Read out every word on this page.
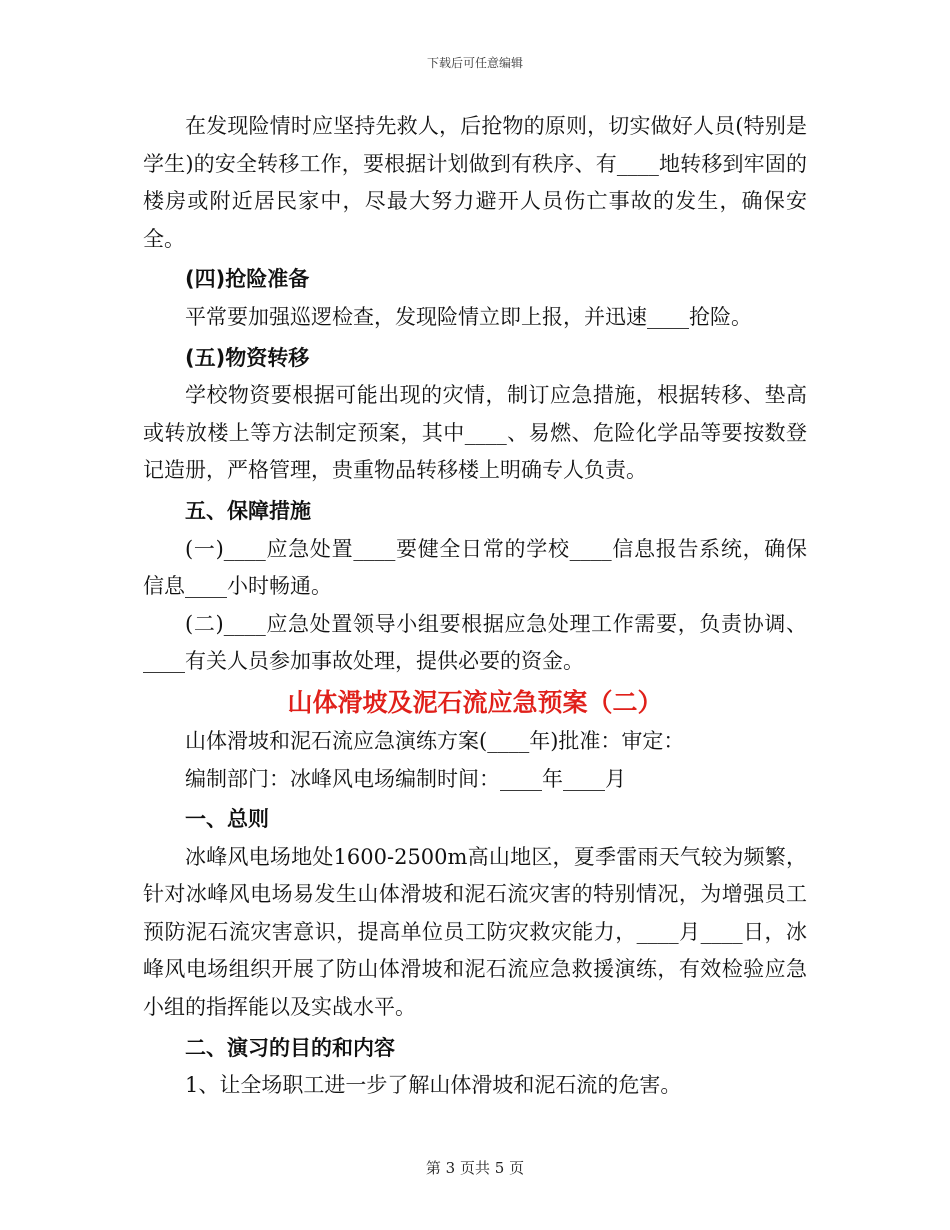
下载后可任意编辑

在发现险情时应坚持先救人，后抢物的原则，切实做好人员(特别是学生)的安全转移工作，要根据计划做到有秩序、有____地转移到牢固的楼房或附近居民家中，尽最大努力避开人员伤亡事故的发生，确保安全。

(四)抢险准备

平常要加强巡逻检查，发现险情立即上报，并迅速____抢险。

(五)物资转移

学校物资要根据可能出现的灾情，制订应急措施，根据转移、垫高或转放楼上等方法制定预案，其中____、易燃、危险化学品等要按数登记造册，严格管理，贵重物品转移楼上明确专人负责。

五、保障措施

(一)____应急处置____要健全日常的学校____信息报告系统，确保信息____小时畅通。

(二)____应急处置领导小组要根据应急处理工作需要，负责协调、____有关人员参加事故处理，提供必要的资金。

山体滑坡及泥石流应急预案（二）

山体滑坡和泥石流应急演练方案(____年)批准：审定：

编制部门：冰峰风电场编制时间：____年____月

一、总则

冰峰风电场地处1600-2500m高山地区，夏季雷雨天气较为频繁，针对冰峰风电场易发生山体滑坡和泥石流灾害的特别情况，为增强员工预防泥石流灾害意识，提高单位员工防灾救灾能力，____月____日，冰峰风电场组织开展了防山体滑坡和泥石流应急救援演练，有效检验应急小组的指挥能以及实战水平。

二、演习的目的和内容

1、让全场职工进一步了解山体滑坡和泥石流的危害。

第 3 页共 5 页
